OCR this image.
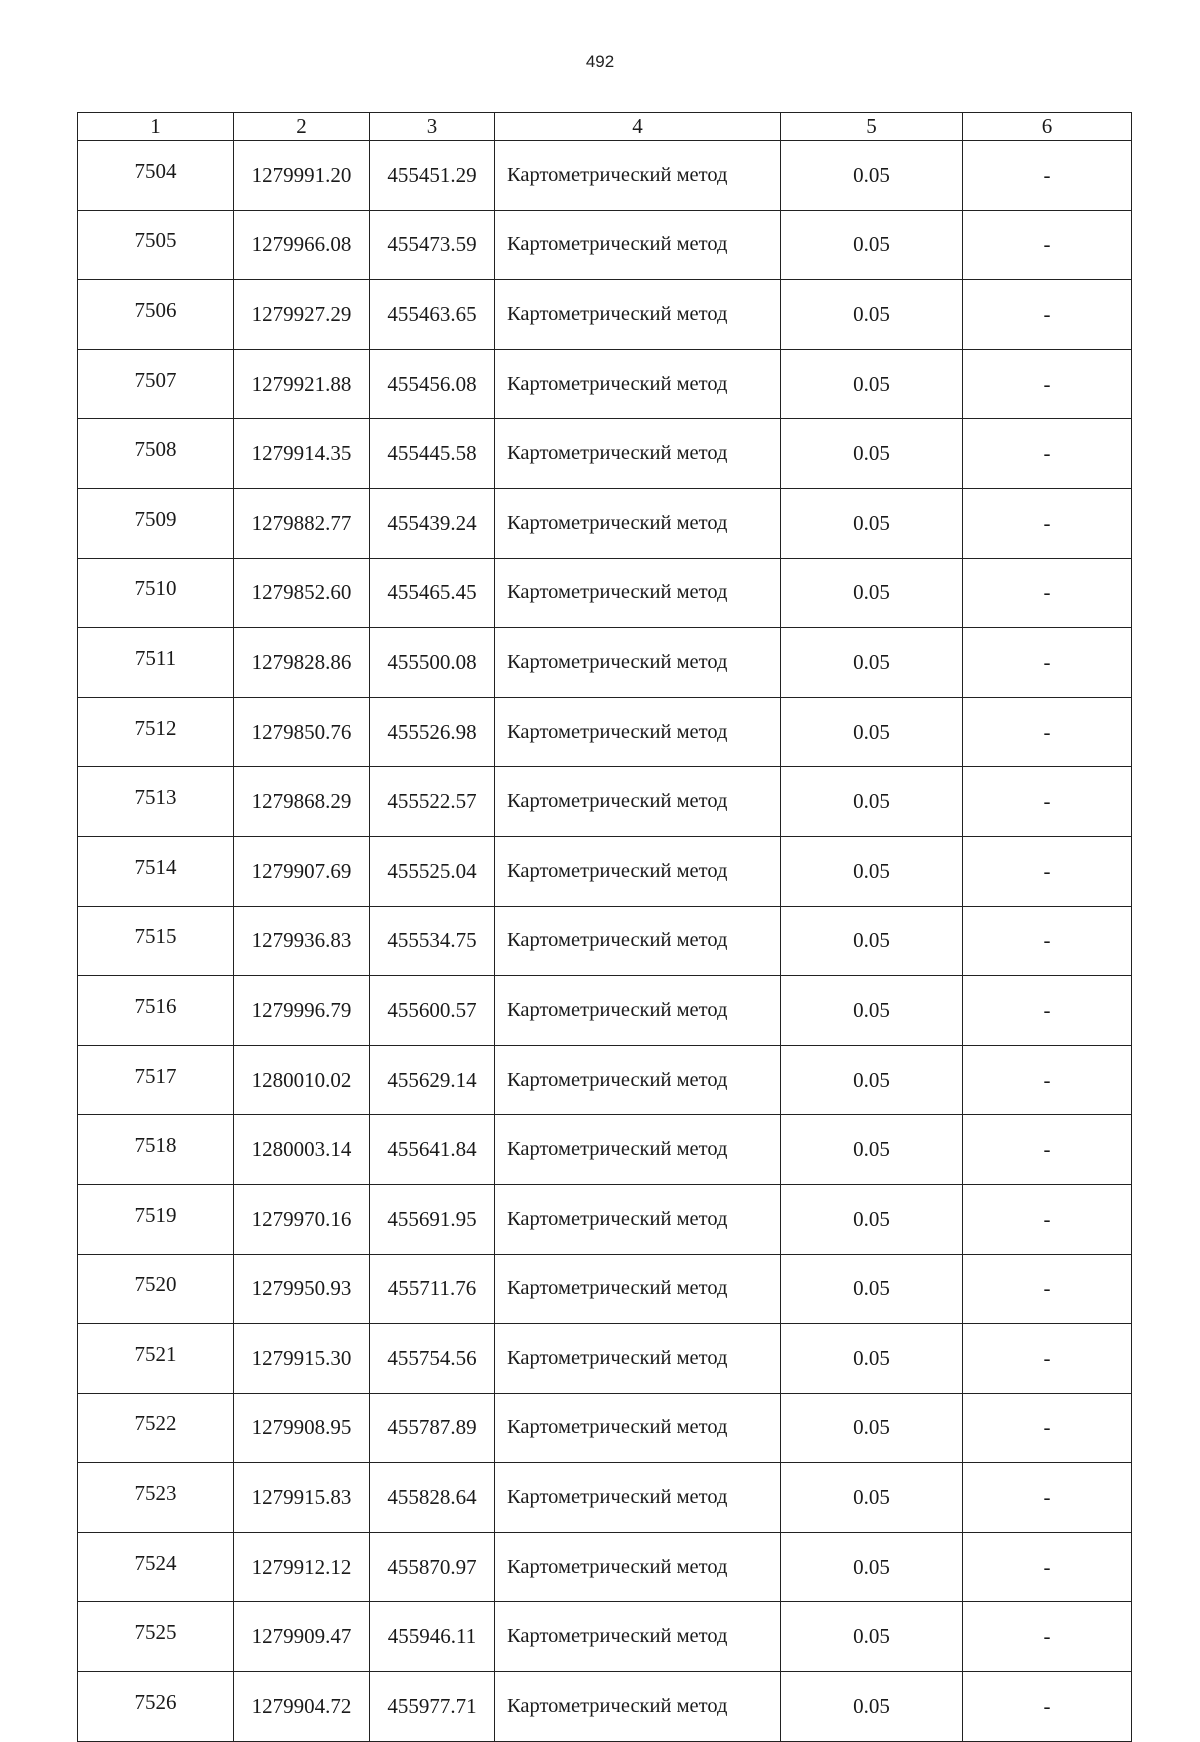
492
1	2	3	4	5	6
7504	1279991.20	455451.29	Картометрический метод	0.05	-
7505	1279966.08	455473.59	Картометрический метод	0.05	-
7506	1279927.29	455463.65	Картометрический метод	0.05	-
7507	1279921.88	455456.08	Картометрический метод	0.05	-
7508	1279914.35	455445.58	Картометрический метод	0.05	-
7509	1279882.77	455439.24	Картометрический метод	0.05	-
7510	1279852.60	455465.45	Картометрический метод	0.05	-
7511	1279828.86	455500.08	Картометрический метод	0.05	-
7512	1279850.76	455526.98	Картометрический метод	0.05	-
7513	1279868.29	455522.57	Картометрический метод	0.05	-
7514	1279907.69	455525.04	Картометрический метод	0.05	-
7515	1279936.83	455534.75	Картометрический метод	0.05	-
7516	1279996.79	455600.57	Картометрический метод	0.05	-
7517	1280010.02	455629.14	Картометрический метод	0.05	-
7518	1280003.14	455641.84	Картометрический метод	0.05	-
7519	1279970.16	455691.95	Картометрический метод	0.05	-
7520	1279950.93	455711.76	Картометрический метод	0.05	-
7521	1279915.30	455754.56	Картометрический метод	0.05	-
7522	1279908.95	455787.89	Картометрический метод	0.05	-
7523	1279915.83	455828.64	Картометрический метод	0.05	-
7524	1279912.12	455870.97	Картометрический метод	0.05	-
7525	1279909.47	455946.11	Картометрический метод	0.05	-
7526	1279904.72	455977.71	Картометрический метод	0.05	-
